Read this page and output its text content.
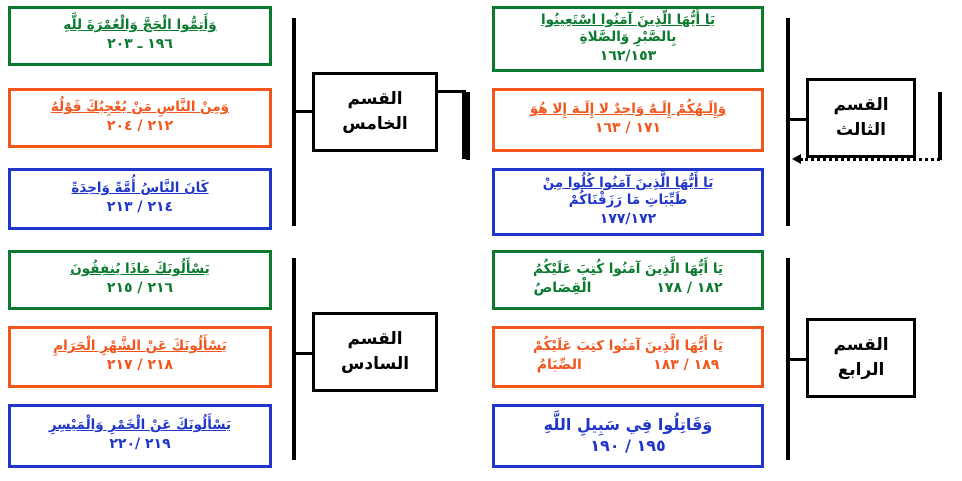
يَا أَيُّهَا الَّذِينَ آمَنُوا اسْتَعِينُوا
بِالصَّبْرِ وَالصَّلاةِ
١٦٢/١٥٣
وَإِلَـهُكُمْ إِلَـهٌ وَاحِدٌ لا إِلَـهَ إِلا هُوَ
١٧١ / ١٦٣
يَا أَيُّهَا الَّذِينَ آمَنُوا كُلُوا مِنْ
طَيِّبَاتِ مَا رَزَقْنَاكُمْ
١٧٧/١٧٢
يَا أَيُّهَا الَّذِينَ آمَنُوا كُتِبَ عَلَيْكُمُ
١٨٢ / ١٧٨
الْقِصَاصُ
يَا أَيُّهَا الَّذِينَ آمَنُوا كتِبَ عَلَيْكُمْ
١٨٩ / ١٨٣
الصِّيَامُ
وَقَاتِلُوا فِي سَبِيلِ اللَّهِ
١٩٥ / ١٩٠
القسم
الثالث
القسم
الرابع
وَأَتِمُّوا الْحَجَّ وَالْعُمْرَةَ لِلَّهِ
١٩٦ ـ ٢٠٣
وَمِنْ النَّاسِ مَنْ يُعْجِبُكَ قَوْلُهُ
٢١٢ / ٢٠٤
كَانَ النَّاسُ أُمَّةً وَاحِدَةً
٢١٤ / ٢١٣
يَسْأَلُونَكَ مَاذَا يُنفِقُونَ
٢١٦ / ٢١٥
يَسْأَلُونَكَ عَنْ الشَّهْرِ الْحَرَامِ
٢١٨ / ٢١٧
يَسْأَلُونَكَ عَنْ الْخَمْرِ وَالْمَيْسِرِ
٢١٩ /٢٢٠
القسم
الخامس
القسم
السادس
